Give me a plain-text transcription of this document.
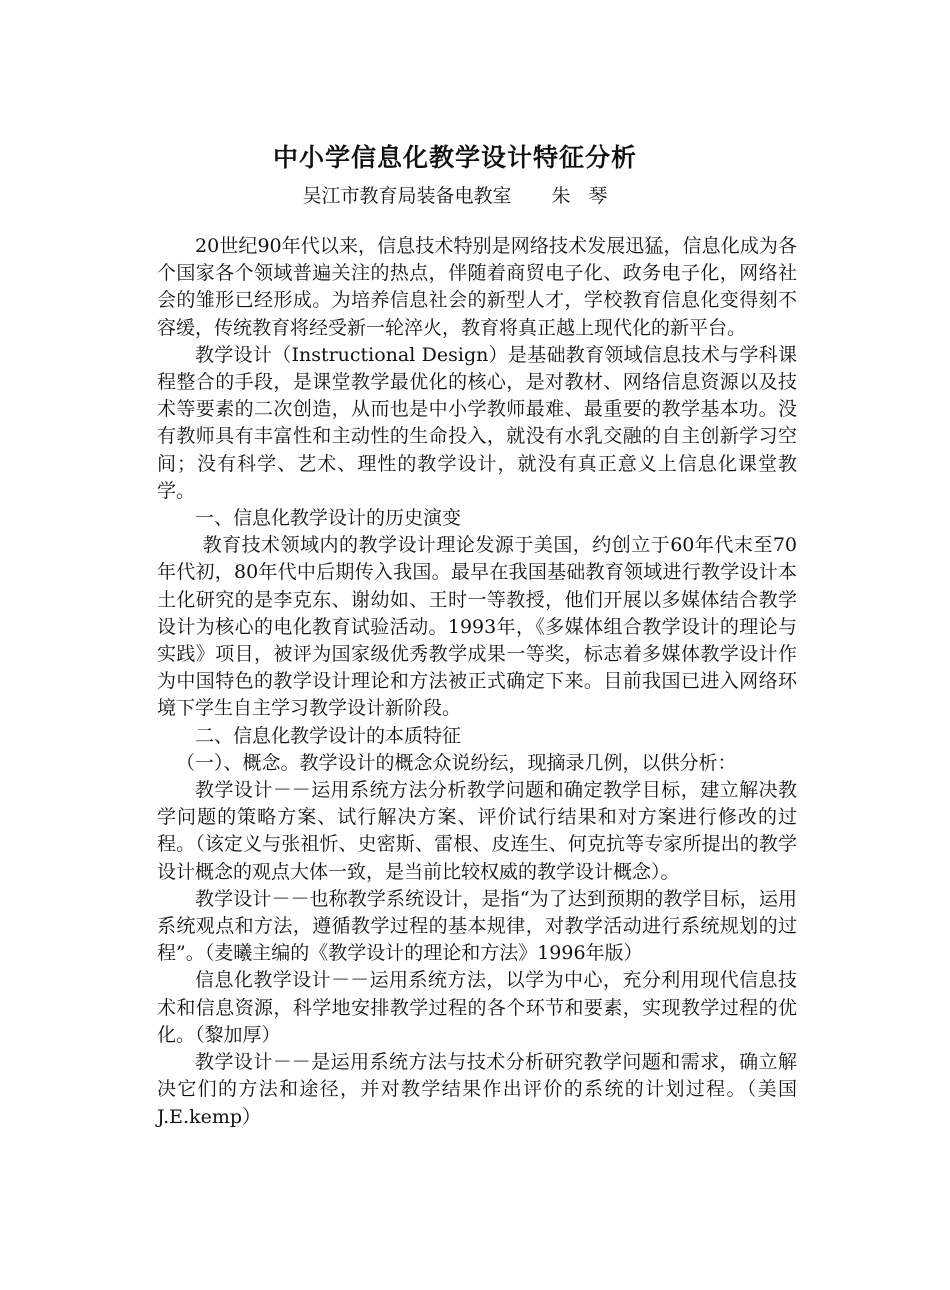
中小学信息化教学设计特征分析
吴江市教育局装备电教室 朱 琴

20世纪90年代以来，信息技术特别是网络技术发展迅猛，信息化成为各个国家各个领域普遍关注的热点，伴随着商贸电子化、政务电子化，网络社会的雏形已经形成。为培养信息社会的新型人才，学校教育信息化变得刻不容缓，传统教育将经受新一轮淬火，教育将真正越上现代化的新平台。

教学设计（Instructional Design）是基础教育领域信息技术与学科课程整合的手段，是课堂教学最优化的核心，是对教材、网络信息资源以及技术等要素的二次创造，从而也是中小学教师最难、最重要的教学基本功。没有教师具有丰富性和主动性的生命投入，就没有水乳交融的自主创新学习空间；没有科学、艺术、理性的教学设计，就没有真正意义上信息化课堂教学。

一、信息化教学设计的历史演变

教育技术领域内的教学设计理论发源于美国，约创立于60年代末至70年代初，80年代中后期传入我国。最早在我国基础教育领域进行教学设计本土化研究的是李克东、谢幼如、王时一等教授，他们开展以多媒体结合教学设计为核心的电化教育试验活动。1993年，《多媒体组合教学设计的理论与实践》项目，被评为国家级优秀教学成果一等奖，标志着多媒体教学设计作为中国特色的教学设计理论和方法被正式确定下来。目前我国已进入网络环境下学生自主学习教学设计新阶段。

二、信息化教学设计的本质特征

（一）、概念。教学设计的概念众说纷纭，现摘录几例，以供分析：

教学设计－－运用系统方法分析教学问题和确定教学目标，建立解决教学问题的策略方案、试行解决方案、评价试行结果和对方案进行修改的过程。（该定义与张祖忻、史密斯、雷根、皮连生、何克抗等专家所提出的教学设计概念的观点大体一致，是当前比较权威的教学设计概念）。

教学设计－－也称教学系统设计，是指“为了达到预期的教学目标，运用系统观点和方法，遵循教学过程的基本规律，对教学活动进行系统规划的过程”。（麦曦主编的《教学设计的理论和方法》1996年版）

信息化教学设计－－运用系统方法，以学为中心，充分利用现代信息技术和信息资源，科学地安排教学过程的各个环节和要素，实现教学过程的优化。（黎加厚）

教学设计－－是运用系统方法与技术分析研究教学问题和需求，确立解决它们的方法和途径，并对教学结果作出评价的系统的计划过程。（美国J.E.kemp）
